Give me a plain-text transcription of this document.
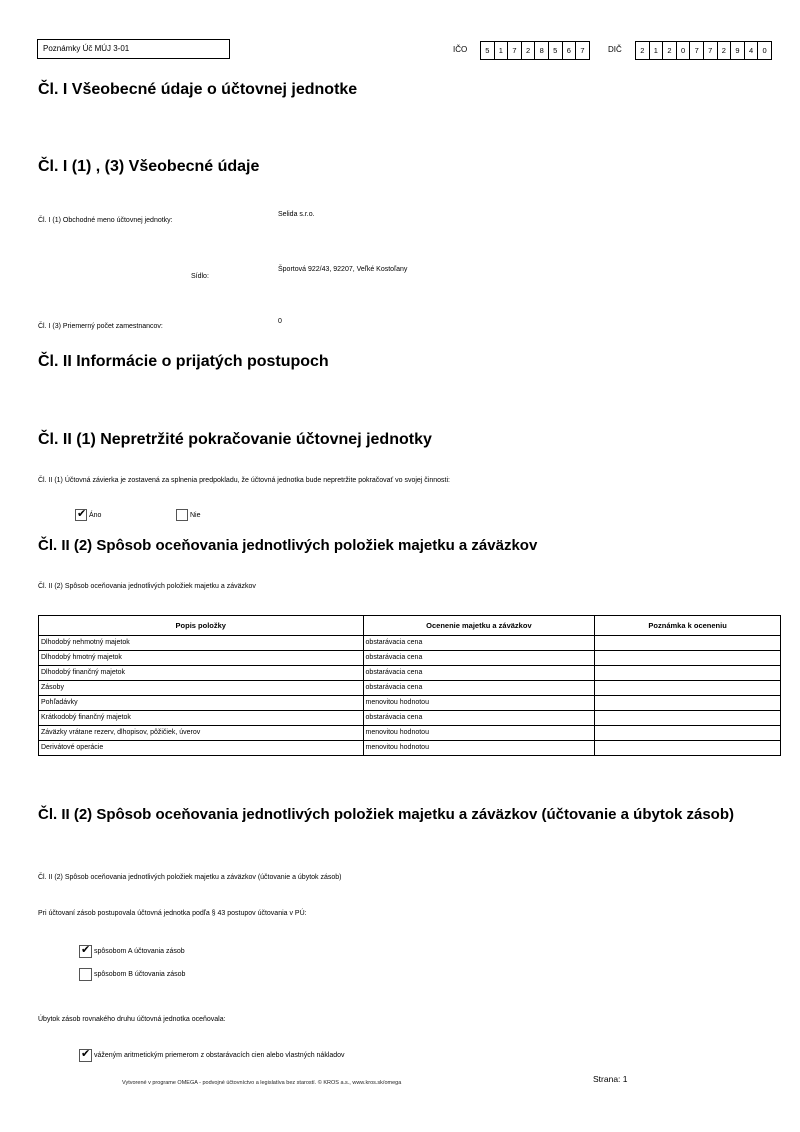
Poznámky Úč MÚJ 3-01	IČO	5	1	7	2	8	5	6	7	DIČ	2	1	2	0	7	7	2	9	4	0
Čl. I Všeobecné údaje o účtovnej jednotke
Čl. I (1) , (3) Všeobecné údaje
Čl. I (1) Obchodné meno účtovnej jednotky:
Selida s.r.o.
Sídlo:
Športová 922/43, 92207, Veľké Kostoľany
Čl. I (3) Priemerný počet zamestnancov:
0
Čl. II Informácie o prijatých postupoch
Čl. II (1) Nepretržité pokračovanie účtovnej jednotky
Čl. II (1) Účtovná závierka je zostavená za splnenia predpokladu, že účtovná jednotka bude nepretržite pokračovať vo svojej činnosti:
✔
Áno	Nie
Čl. II (2) Spôsob oceňovania jednotlivých položiek majetku a záväzkov
Čl. II (2) Spôsob oceňovania jednotlivých položiek majetku a záväzkov
Popis položky	Ocenenie majetku a záväzkov	Poznámka k oceneniu
Dlhodobý nehmotný majetok	obstarávacia cena	
Dlhodobý hmotný majetok	obstarávacia cena	
Dlhodobý finančný majetok	obstarávacia cena	
Zásoby	obstarávacia cena	
Pohľadávky	menovitou hodnotou	
Krátkodobý finančný majetok	obstarávacia cena	
Záväzky vrátane rezerv, dlhopisov, pôžičiek, úverov	menovitou hodnotou	
Derivátové operácie	menovitou hodnotou	
Čl. II (2) Spôsob oceňovania jednotlivých položiek majetku a záväzkov (účtovanie a úbytok zásob)
Čl. II (2) Spôsob oceňovania jednotlivých položiek majetku a záväzkov (účtovanie a úbytok zásob)
Pri účtovaní zásob postupovala účtovná jednotka podľa § 43 postupov účtovania v PÚ:
✔
spôsobom A účtovania zásob
spôsobom B účtovania zásob
Úbytok zásob rovnakého druhu účtovná jednotka oceňovala:
✔
váženým aritmetickým priemerom z obstarávacích cien alebo vlastných nákladov
Vytvorené v programe OMEGA - podvojné účtovníctvo a legislatíva bez starostí. © KROS a.s., www.kros.sk/omega	Strana: 1
